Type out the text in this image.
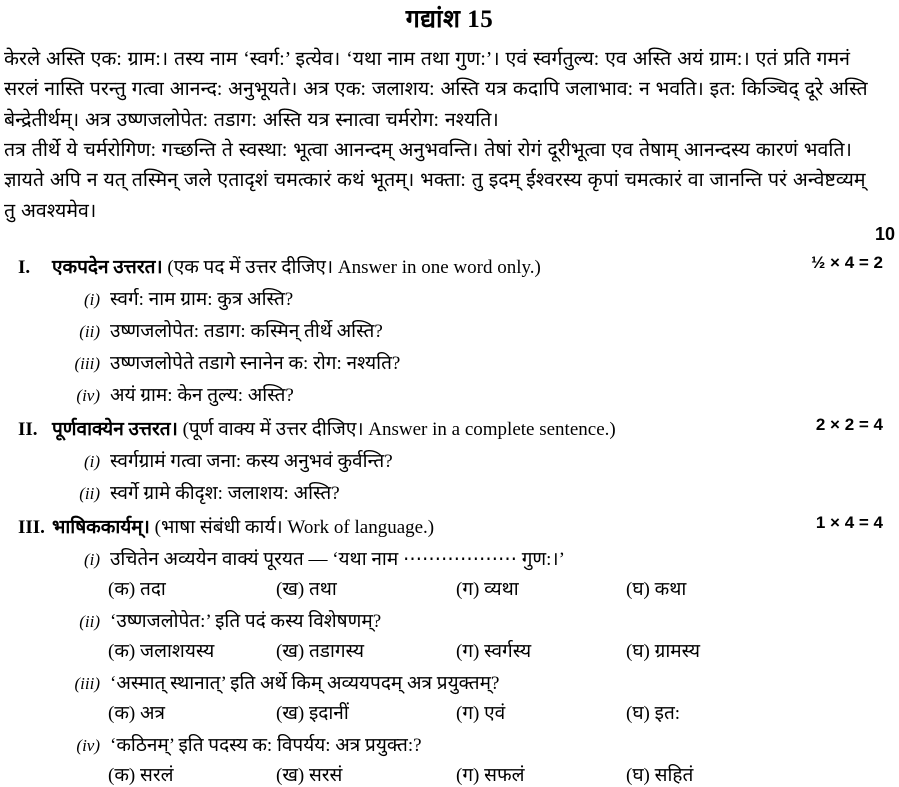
गद्यांश 15

केरले अस्ति एक: ग्राम:। तस्य नाम ‘स्वर्ग:’ इत्येव। ‘यथा नाम तथा गुण:’। एवं स्वर्गतुल्य: एव अस्ति अयं ग्राम:। एतं प्रति गमनं

सरलं नास्ति परन्तु गत्वा आनन्द: अनुभूयते। अत्र एक: जलाशय: अस्ति यत्र कदापि जलाभाव: न भवति। इत: किञ्चिद् दूरे अस्ति

बेन्द्रेतीर्थम्। अत्र उष्णजलोपेत: तडाग: अस्ति यत्र स्नात्वा चर्मरोग: नश्यति।

तत्र तीर्थे ये चर्मरोगिण: गच्छन्ति ते स्वस्था: भूत्वा आनन्दम् अनुभवन्ति। तेषां रोगं दूरीभूत्वा एव तेषाम् आनन्दस्य कारणं भवति।

ज्ञायते अपि न यत् तस्मिन् जले एतादृशं चमत्कारं कथं भूतम्। भक्ता: तु इदम् ईश्वरस्य कृपां चमत्कारं वा जानन्ति परं अन्वेष्टव्यम्

तु अवश्यमेव।

10
I.	एकपदेन उत्तरत। (एक पद में उत्तर दीजिए। Answer in one word only.)	½ × 4 = 2
(i) स्वर्ग: नाम ग्राम: कुत्र अस्ति?
(ii) उष्णजलोपेत: तडाग: कस्मिन् तीर्थे अस्ति?
(iii) उष्णजलोपेते तडागे स्नानेन क: रोग: नश्यति?
(iv) अयं ग्राम: केन तुल्य: अस्ति?
II. पूर्णवाक्येन उत्तरत। (पूर्ण वाक्य में उत्तर दीजिए। Answer in a complete sentence.)	2 × 2 = 4
(i) स्वर्गग्रामं गत्वा जना: कस्य अनुभवं कुर्वन्ति?
(ii) स्वर्गे ग्रामे कीदृश: जलाशय: अस्ति?
III. भाषिककार्यम्। (भाषा संबंधी कार्य। Work of language.)	1 × 4 = 4
(i) उचितेन अव्ययेन वाक्यं पूरयत — ‘यथा नाम ⋯⋯⋯⋯⋯⋯ गुण:।’
(क) तदा	(ख) तथा	(ग) व्यथा	(घ) कथा
(ii) ‘उष्णजलोपेत:’ इति पदं कस्य विशेषणम्?
(क) जलाशयस्य	(ख) तडागस्य	(ग) स्वर्गस्य	(घ) ग्रामस्य
(iii) ‘अस्मात् स्थानात्’ इति अर्थे किम् अव्ययपदम् अत्र प्रयुक्तम्?
(क) अत्र	(ख) इदानीं	(ग) एवं	(घ) इत:
(iv) ‘कठिनम्’ इति पदस्य क: विपर्यय: अत्र प्रयुक्त:?
(क) सरलं	(ख) सरसं	(ग) सफलं	(घ) सहितं
